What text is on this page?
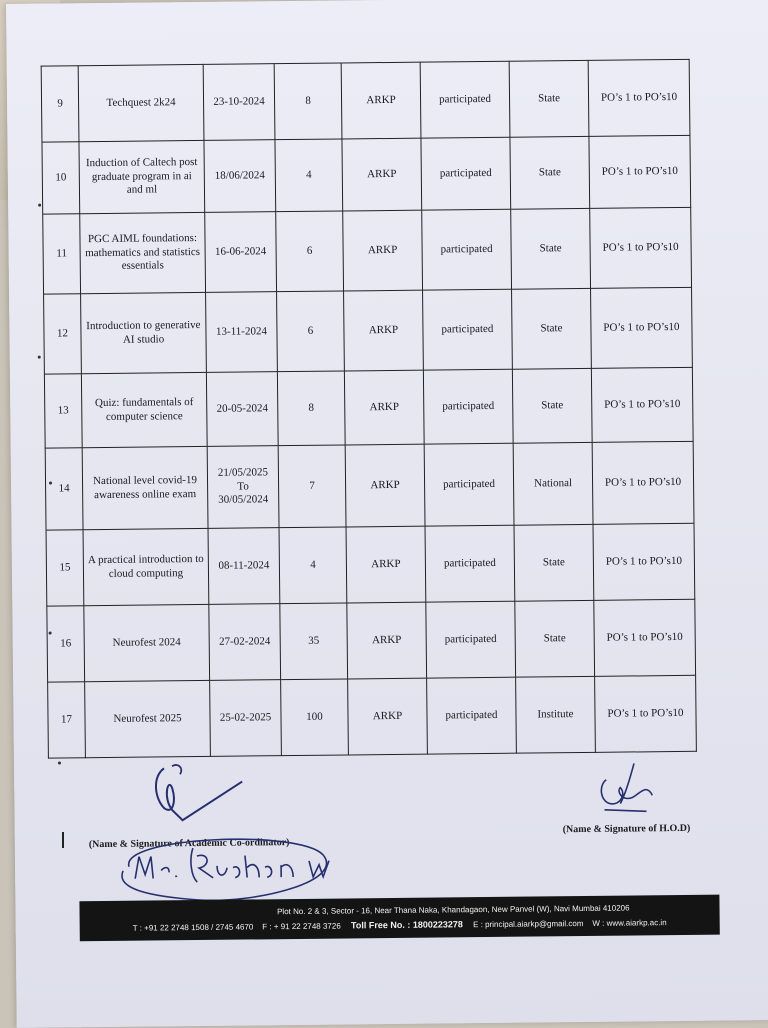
9	Techquest 2k24	23-10-2024	8	ARKP	participated	State	PO’s 1 to PO’s10
10	Induction of Caltech post graduate program in ai and ml	18/06/2024	4	ARKP	participated	State	PO’s 1 to PO’s10
11	PGC AIML foundations: mathematics and statistics essentials	16-06-2024	6	ARKP	participated	State	PO’s 1 to PO’s10
12	Introduction to generative AI studio	13-11-2024	6	ARKP	participated	State	PO’s 1 to PO’s10
13	Quiz: fundamentals of computer science	20-05-2024	8	ARKP	participated	State	PO’s 1 to PO’s10
14	National level covid-19 awareness online exam	21/05/2025 To 30/05/2024	7	ARKP	participated	National	PO’s 1 to PO’s10
15	A practical introduction to cloud computing	08-11-2024	4	ARKP	participated	State	PO’s 1 to PO’s10
16	Neurofest 2024	27-02-2024	35	ARKP	participated	State	PO’s 1 to PO’s10
17	Neurofest 2025	25-02-2025	100	ARKP	participated	Institute	PO’s 1 to PO’s10
(Name & Signature of Academic Co-ordinator)
(Name & Signature of H.O.D)
Plot No. 2 & 3, Sector - 16, Near Thana Naka, Khandagaon, New Panvel (W), Navi Mumbai 410206
T : +91 22 2748 1508 / 2745 4670 F : + 91 22 2748 3726 Toll Free No. : 1800223278 E : principal.aiarkp@gmail.com W : www.aiarkp.ac.in
